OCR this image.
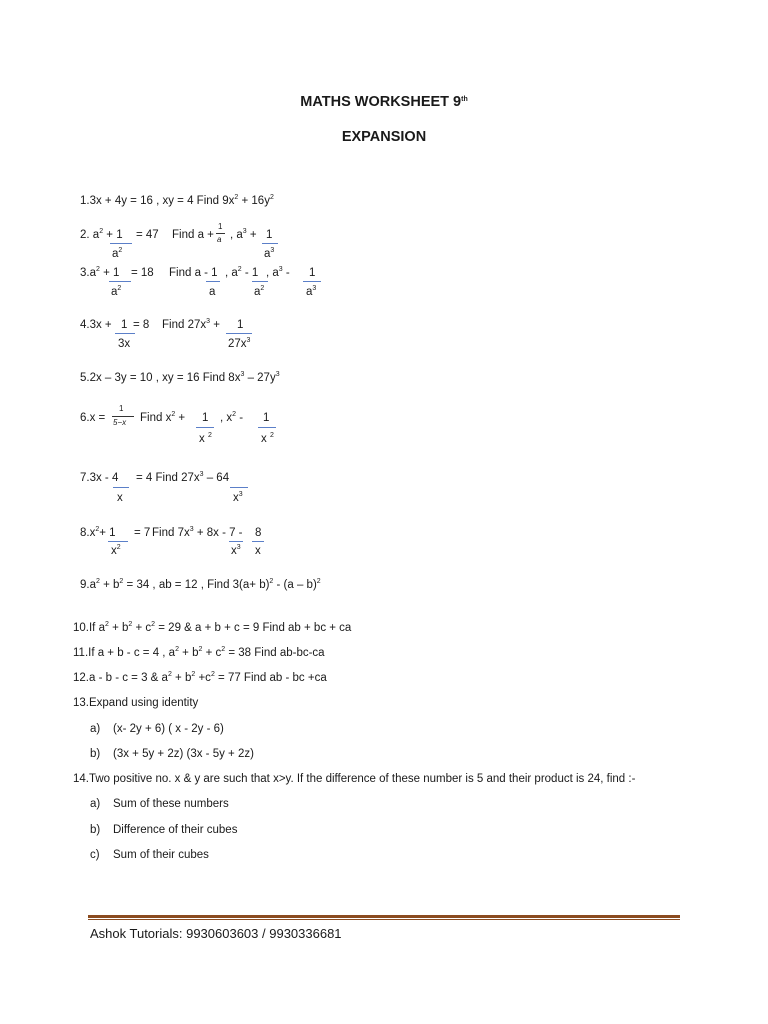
MATHS WORKSHEET 9th
EXPANSION
1.3x + 4y = 16 , xy = 4 Find $9x^2 + 16y^2$
2. $a^2 + 1$
$a^2$
= 47 Find a +
1
a , $a^3 + 1$
$a^3$
$3.a^2 + 1$
$a^2$
= 18 Find a - 1
a
, $a^2 - 1$
$a^2$
, $a^3 - 1$
$a^3$
4.3x + 1
3x
= 8 Find $27x^3 + 1$
$27x^3$
5.2x – 3y = 10 , xy = 16 Find $8x^3 - 27y^3$
6.x =
1
5−x Find $x^2 + 1$
x $^2$
, $x^2 - 1$
x $^2$
7.3x - 4
x
= 4 Find $27x^3 - 64$
$x^3$
$8.x^2+ 1$
$x^2$
= 7 Find $7x^3 + 8x - 7 - 8$
$x^3$ x
$9.a^2 + b^2 = 34$ , ab = 12 , Find $3(a+ b)^2 - (a - b)^2$
10.If $a^2 + b^2 + c^2 = 29$ & a + b + c = 9 Find ab + bc + ca
11.If a + b - c = 4 , $a^2 + b^2 + c^2 = 38$ Find ab-bc-ca
12.a - b - c = 3 & $a^2 + b^2 +c^2 = 77$ Find ab - bc +ca
13.Expand using identity
a) (x- 2y + 6) ( x - 2y - 6)
b) (3x + 5y + 2z) (3x - 5y + 2z)
14.Two positive no. x & y are such that x>y. If the difference of these number is 5 and their product is 24, find :-
a) Sum of these numbers
b) Difference of their cubes
c) Sum of their cubes
Ashok Tutorials: 9930603603 / 9930336681
